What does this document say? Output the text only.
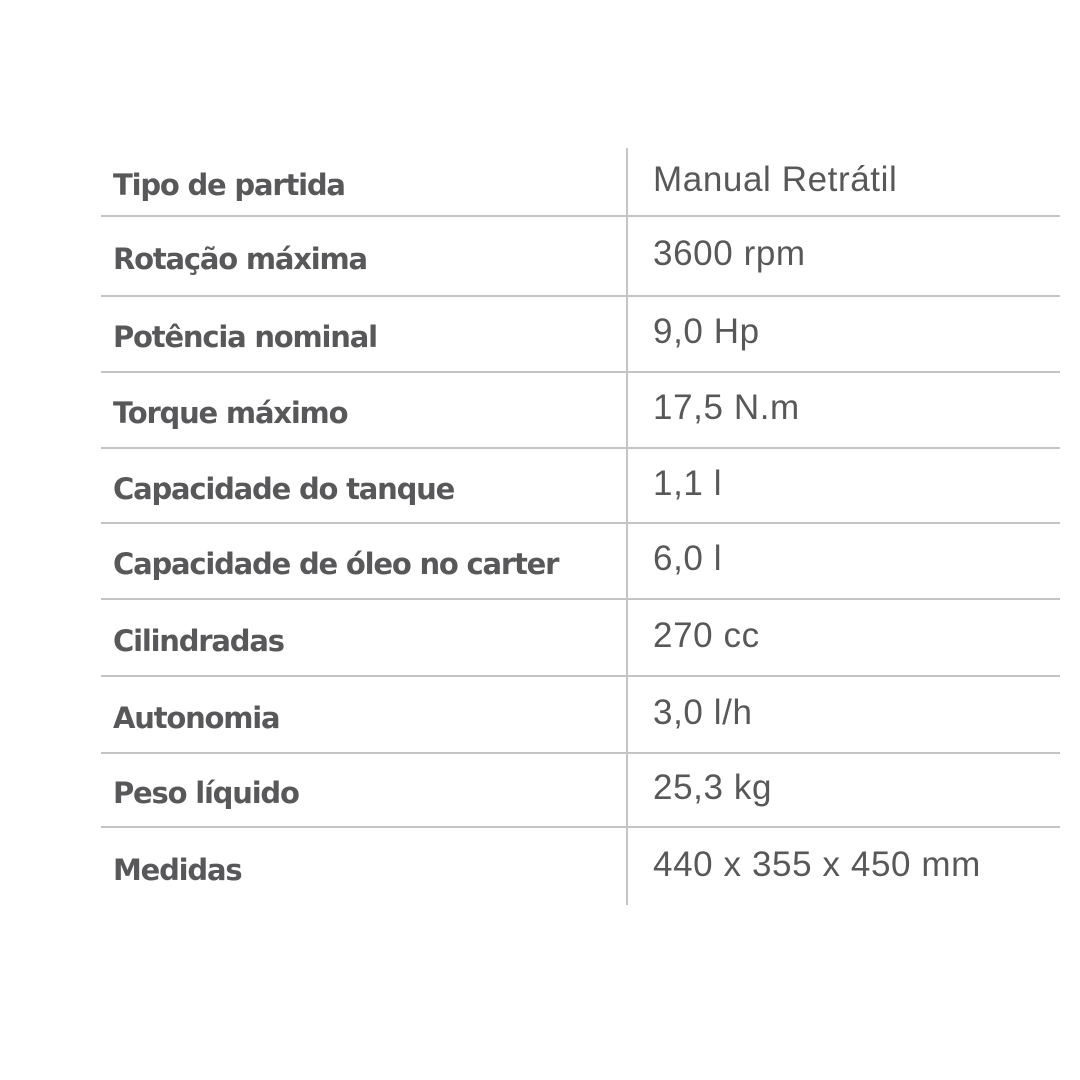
Tipo de partida	Manual Retrátil
Rotação máxima	3600 rpm
Potência nominal	9,0 Hp
Torque máximo	17,5 N.m
Capacidade do tanque	1,1 l
Capacidade de óleo no carter	6,0 l
Cilindradas	270 cc
Autonomia	3,0 l/h
Peso líquido	25,3 kg
Medidas	440 x 355 x 450 mm
